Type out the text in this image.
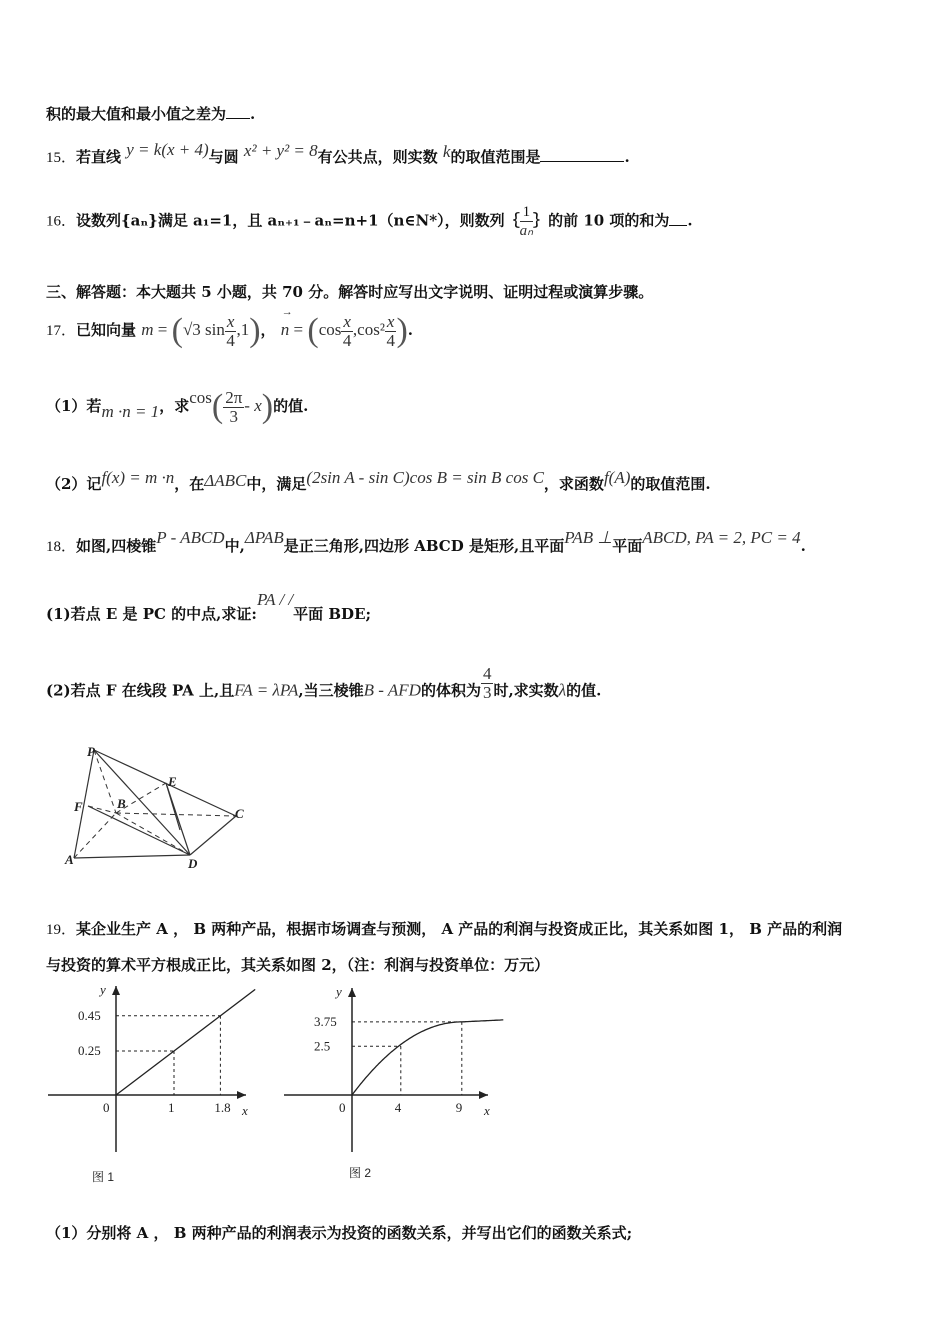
积的最大值和最小值之差为 .
15．若直线 y = k(x + 4)与圆 x² + y² = 8有公共点，则实数 k的取值范围是	.
16．设数列{aₙ}满足 a₁=1，且 aₙ₊₁﹣aₙ=n+1（n∈N*），则数列｛ $\frac{1}{\text{aₙ}}$ ｝的前 10 项的和为 .
三、解答题：本大题共 5 小题，共 70 分。解答时应写出文字说明、证明过程或演算步骤。
17．已知向量 m = (√3 $\sin \frac{x}{4} ,1$)，
→
$n = (\cos \frac{x}{4} ,\cos^2 \frac{x}{4}$ ).
（1）若m ·n = 1，求$\cos( \frac{2\pi}{3} - x)$的值.
（2）记f(x) = m ·n，在ΔABC中，满足(2sin A - sin C)cos B = sin B cos C，求函数f(A)的取值范围.
18．如图,四棱锥P - ABCD中,ΔPAB是正三角形,四边形 ABCD 是矩形,且平面PAB ⊥平面ABCD, PA = 2, PC = 4.
(1)若点 E 是 PC 的中点,求证:PA / /平面 BDE;
(2)若点 F 在线段 PA 上,且FA = λPA,当三棱锥B - AFD的体积为 $\frac{4}{3}$ 时,求实数λ的值.
P
E
F	B
C
A	D
19．某企业生产 A ， B 两种产品，根据市场调查与预测， A 产品的利润与投资成正比，其关系如图 1， B 产品的利润
与投资的算术平方根成正比，其关系如图 2，（注：利润与投资单位：万元）
x
y
0	1
0.25
1.8
0.45
图 1
x
y
0	4
2.5
9
3.75
图 2
（1）分别将 A ， B 两种产品的利润表示为投资的函数关系，并写出它们的函数关系式;
